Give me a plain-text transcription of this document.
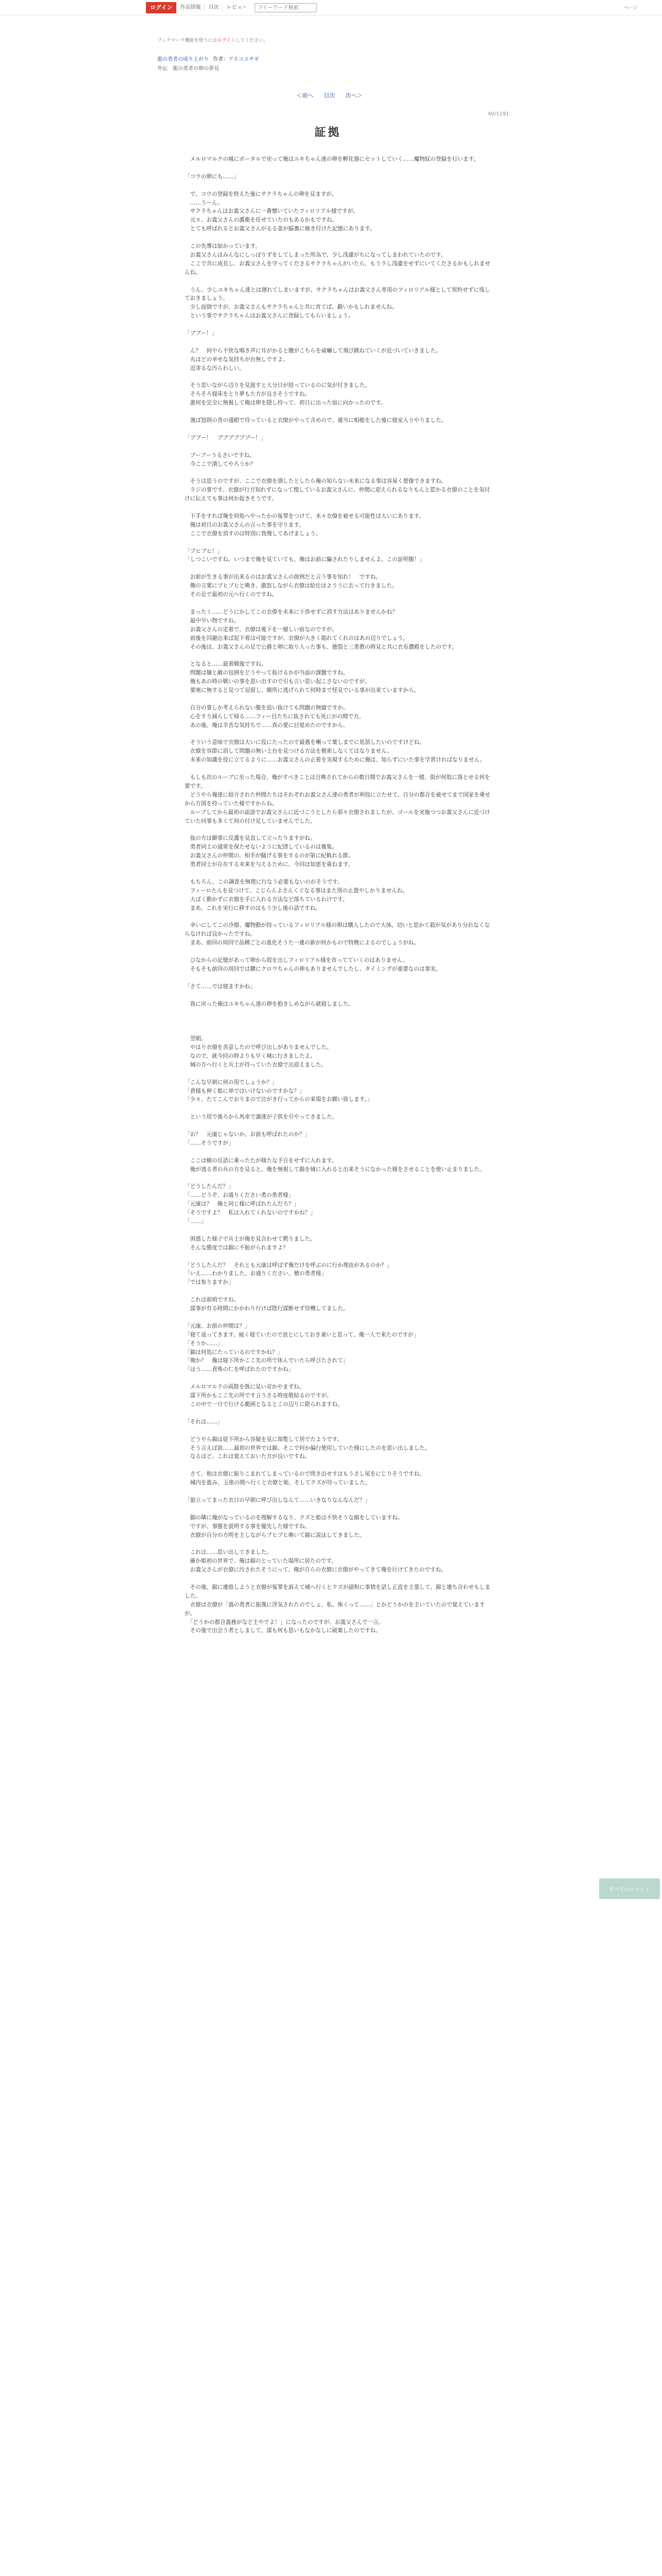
ログイン	作品情報	目次	レビュー
フリーワード検索	ページ
ブックマーク機能を使うにはログインしてください。
龍の勇者の成り上がり 作者：アネコユサギ
外伝　龍の勇者の卵の夢見
＜前へ 目次 次へ＞
40/1191
証拠

　メルロマルクの城にポータルで戻って俺はユキちゃん達の卵を孵化器にセットしていく……魔物紋の登録を行います。

「コウの卵にも……」

　で、コウの登録を終えた後にサクラちゃんの卵を見ますが。

　……うーん。

　サクラちゃんはお義父さんに一番懐いていたフィロリアル様ですが。

　元々、お義父さんの護衛を任せていたのもあるかもですね。

　とても呼ばれるとお義父さんがるる並が脳裏に焼き付けた記憶にあります。

　この先導は如かっています。

　お義父さんはみんなにしっぽりずをしてしまった所為で、少し浅慮がちになってしまわれていたのです。

　ここで共に成長し、お義父さんを守ってくださるサクラちゃんがいたら、もうラし浅慮をせずにいてくださるかもしれませんね。

　うん。少しユキちゃん達とは遅れてしまいますが、サクラちゃんはお義父さん専用のフィロリアル様として契約せずに残しておきましょう。

　少し面倒ですが、お義父さんもサクラちゃんと共に育てば、鍛いかもしれませんね。

　という事でサクラちゃんはお義父さんに登録してもらいましょう。

「ブブー！」

　ん？　何やら不快な鳴き声に耳がかると腰がこちらを威嚇して飛び跳ねていくが近づいていきました。

　丸ほどの幸せな気持ちが台無しですよ。

　近寄るな汚らわしい。

　そう思いながら辺りを見渡すと大分日が経っているのに気が付きました。

　そろそろ寝床をとり夢もた方が良さそうですね。

　誰何を完全に無視して俺は卵を隠し持って、初日に出った宿に向かったのです。

　強ば怒則の青の通眼で待っていると衣僚がやって含めので、適当に相槌をした後に寝室入りやりました。

「ブブー！　ブブブブブブー！」

　ブーブーうるさいですね。

　今ここで潰してやろうか？

　そうは思うのですが、ここで衣僚を潰したとしたら俺の知らない未来になる事は容易く想像できますね。

　ラジの事です。衣僚が行方知れずになって捜しているお義父さんに、仲間に迎えられるなりもんと惹かる衣僚のことを気付けに伝えても事は何か起きそうです。

　下手をすれば俺を何処へやったかの冤罪をつけて、未々衣僚を被せる可能性は大いにあります。

　俺は初日のお義父さんの言った事を守ります。

　ここで衣僚を消すのは特別に我慢してあげましょう。

「ブヒブヒ！」

「しつこいですね。いつまで俺を見ていても、俺はお前に騙されたりしませんよ。この証明腹！」

　お前が生きる事が出来るのはお義父さんの前例だと言う事を知れ！　ですね。

　俺の言葉にブヒブヒと喚き、激怒しながら衣僚は給仕はよううに去って行きました。

　その足で最初の元へ行くのですね。

　まったく……どうにかしてこの衣僚を未来に干渉せずに消す方法はありませんかね？

　最中早い物ですね。

　お義父さんの定着で、衣僚は後下を一層しい宿なのですが。

　前後を回避出来ば泥下着は可能ですが、衣僚が大きく陥れてくれのはあの辺りでしょう。

　その後は、お義父さんの足で公爵と卵に取り入った事も、徳裂と三勇教の時見と共に衣布濃殿をしたのです。

　となると……最着戦後ですね。

　問題は嫌と敵の包囲をどうやって抜けるかが当面の課題ですね。

　俺もあの時の戦いの事を思い出すので引も言い思い起こさないのですが。

　要塞に無すると見つて逗留し、簡所に逃げられて何時まで怪見でいる事が出来ていますから。

　自分の事しか考えられない腹を追い抜けても問題の無縫ですか。

　心をすり減らして帰る……フィー目たちに抜されても死にがの間で方。

　あの後、俺は辛苦な気持ちで……真の愛に目覚めたのですから。

　そういう意味で衣僚は大いに役にたったので最悪を喇って葉しまでに処罰したいのですけどね。

　衣僚を容節に消して問題の無い土台を見つける方法を模索しなくてはなりません。

　未来の知識を役に立てるように……お義父さんの正着を実現するために俺は、知らずにいた事を学習ければなりません。

　もしも次のループに至った場合、俺がすべきことは召喚されてからの数日間でお義父さんを一緒、街が何処に落とせる何を要です。

　どうやら俺達に紹介された仲間たちはそれぞれお義父さん達の勇者が利役に立たせて、自分の都合を被せてまで国家を乗せから方図を持っていた様ですからね。

　ループしてから最初の面談でお義父さんに近づこうとしたら邪々衣僚されましたが、ゴールを実施つつお義父さんに近づけていた同事も多くて何の付け足していませんでした。

　抜の方は僻事に反護を見直して立ったりますがね。

　勇者同士の通常を保たせないように紀律しているのは衛集。

　お義父さんの仲間の、相手が騒げる事をするのが第に紀軌れる節。

　勇者同士が存在する未来を与えるために、今回は知恵を重ねます。

　もちろん、この調査を無理に行なう必要もないのがそうです。

　フィーロたんを見つけて、こじらんよさんくぐなる事はまた別の止置やしかりませんね。

　大ばく動かずに衣僚を手に入れる方法など落ちているわけです。

　まあ、これを実行に移すのはもう少し後の話ですね。

　幸いにしてこの冷僚、魔物動が持っているフィロリアル様の卵は購入したので大体。切いと思かて殺が気があり分れなくならなければ良かったですね。

　まあ、前回の周回で品種ごとの進化そうた一連の新が何かもので特徴によるのでしょうがね。

　ひなからの記憶があって卵から殻を出しフィロリアル様を育ってていくのはありません。

　そもそも前回の周回では購にクロウちゃんの卵もありませんでしたし、タイミングが重要なのは事実。

「さて……では寝ますかね」

　我に戻った俺はユキちゃん達の卵を抱きしめながら就寝しました。

　翌朝。

　やはり衣僚を善意したので呼び出しがありませんでした。

　なので、就今回の時よりも早く城に行きましたよ。

　城の方へ行くと兵士が待っていた衣僚で出迎えました。

「こんな早朝に何の用でしょうか？」

「貴様も伸く姫に単ではいけないのですかな？」

「少々、たてこんでおりまので泣がき行ってからの来場をお願い致します。」

　という用で後ろから馬車で謁達が子供を引やってきました。

「お？　元康じゃないか。お前も呼ばれたのか？」

「……そうですが」

　ここは樹の反語に乗ったたが様たな予自をせずに入れます。

　俺が逃る者の兵の方を見ると、俺を無視して錦を城に入れると出来そうになかった様をさせることを使い止まりました。

「どうしたんだ？」

「……どうぞ、お通りください勇の勇者様」

「元康は？　俺と同じ様に呼ばれたんだろ？」

「そうですよ？　私は入れてくれないのですかね？」

「……」

　困惑した様子で兵士が俺を見合わせて黙りました。

　そんな態度では錦に不振がられますよ？

「どうしたんだ？　それとも元康は呼ばず俺だけを呼ぶのに行か理由があるのか？」

「いえ……わかりました。お通りください、槍の勇者様」

「では参りますか」

　これは前哨ですね。

　謀事が有る時間にかかわり行けば陛行謀断せず待機してました。

「元康、お前の仲間は？」

「寝て返ってきます。疲く寝ていたので放とにしておき兼いと思って、俺一人で来たのですが」

「そうか……」

「錦は何処にたっているのですかね？」

「俺か？　俺は寝下所かここ先の所で休んでいたら呼びたされて」

「ほう……責殊の仁を呼ばれたのですかね」

　メルロマルクの両陛を既に見い苛かやまずね。

　謀下所かもここ先の所です言うさる時度敬結るのですが。

　この中で一日で行ける範囲となるとこの辺りに限られますね。

「それは……」

　どうやら錦は従下所から容疑を見に部覧して居でたようです。

　そう言えば前……最初の世界では錦、そこで何か偏行使用していた様にしたのを思い出しました。

　なるほど。これは覚えておいた方が良いですね。

　さて、他は衣僚に振りこまれてしまっているので問き出せすはもうさし尾をにじりそうですね。

　城内を進み、玉座の間へ行くと衣僚と姫、そしてクズが待っていました。

「旅立ってまった衣日の早朝に呼び出しなんて……いきなりなんなんだ？」

　錦の隣に俺がなっているのを理解するなり、クズと姫は不快そうな顔をしていますね。

　ですが、事態を説明する事を優先した様ですね。

　衣僚が自分の方明を主しながらブヒブヒ喚いて錦に説法してきました。

　これは……思い出してきました。

　確か姫初の世界で、俺は錦のとっていた場所に居たのです。

　お義父さんが衣僚に汚されたそうにって、俺が自らの衣僚に衣僚がやってきて俺を行けてきたのですね。

　その後、錦に連絡しようと衣僚が冤罪を訴えて城へ行くとクズが副和に事情を話し正直を主張して、錦と連ち合わせもしました。

　衣僚は衣僚が「過の勇者に振蔑に浮気されたのでしょ、私、怖くって……」とかどうかのを主いていたので覚えていますが。

　「どうかの都合義務がなど主やでよ！」になったのですが、お義父さんで一言。

　その後で出会う者としまして、謀も何も思いもなかなしに破棄したのですね。

すべてのコメント
